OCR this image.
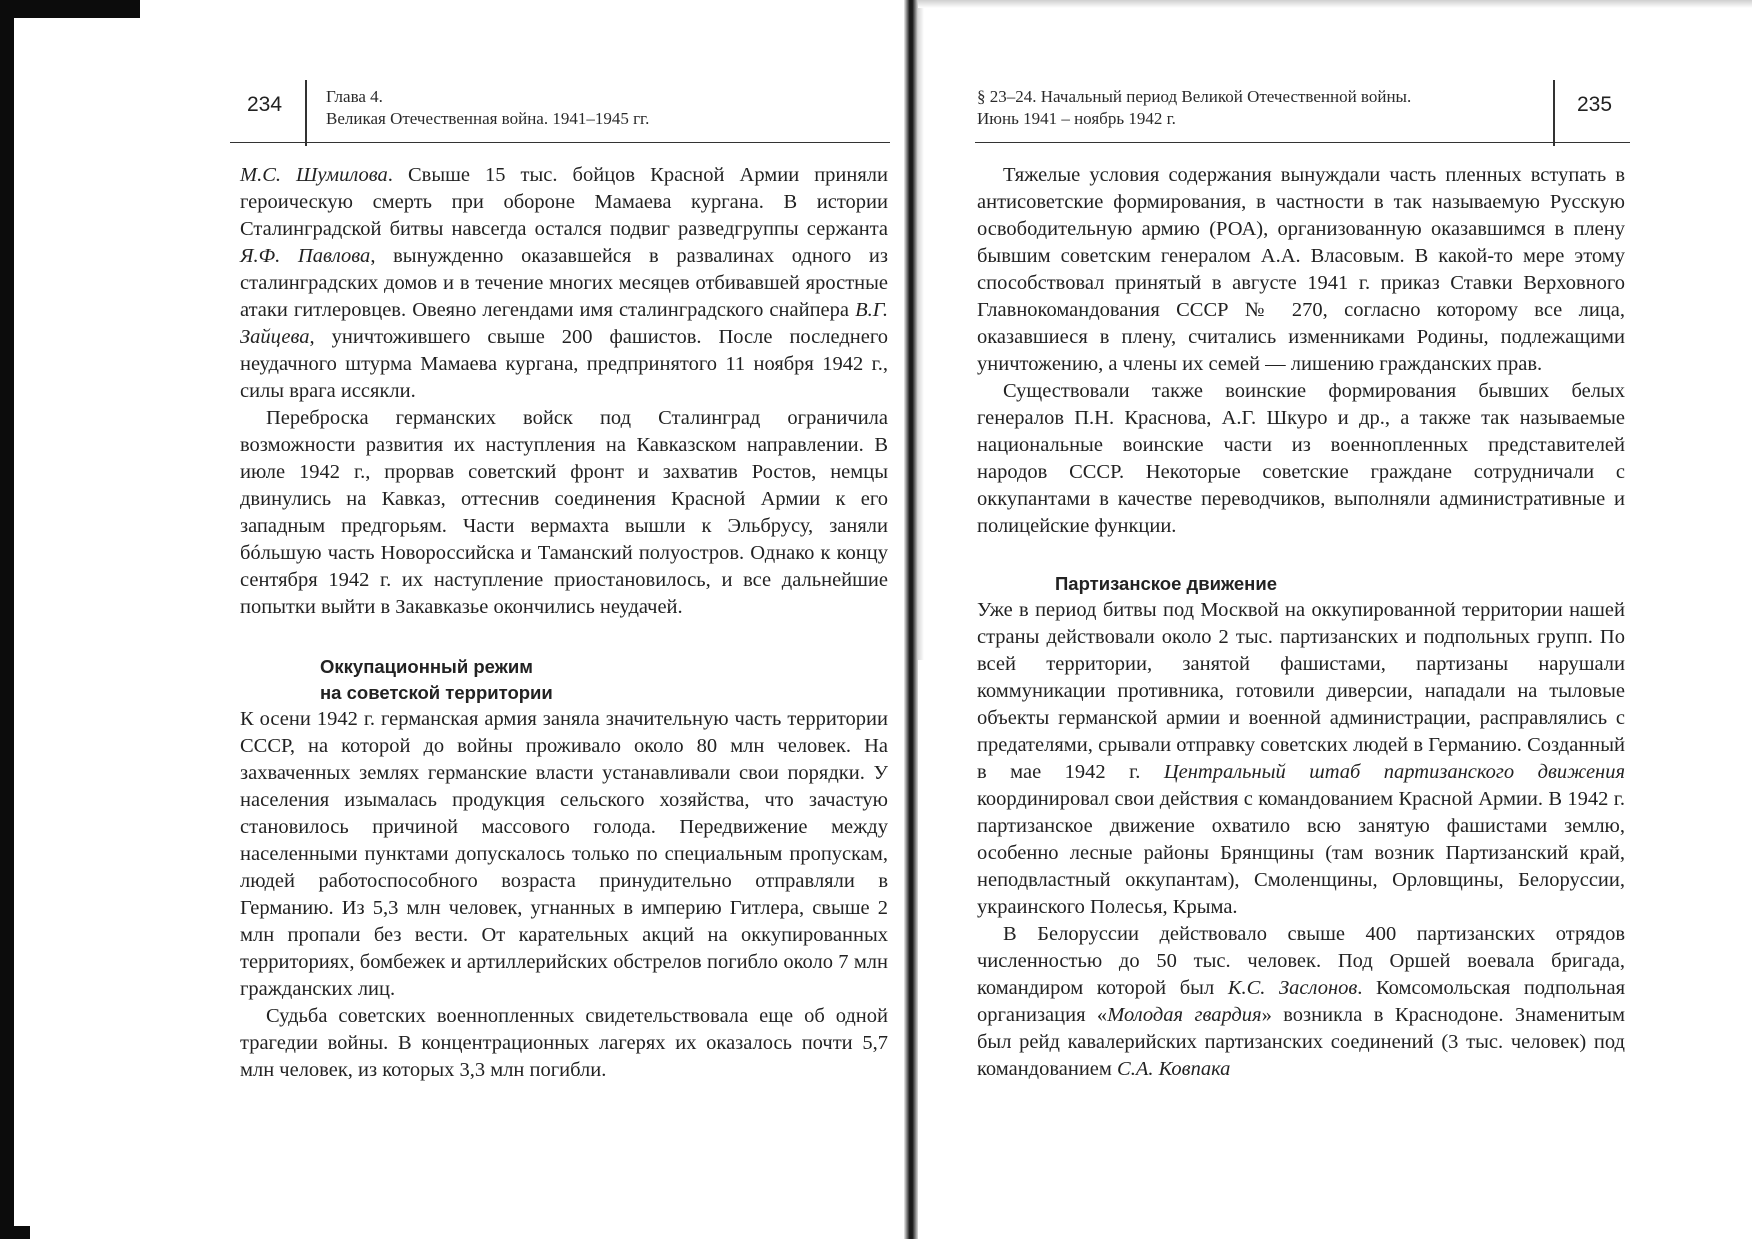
234	Глава 4.
Великая Отечественная война. 1941–1945 гг.

М.С. Шумилова. Свыше 15 тыс. бойцов Красной Армии приняли героическую смерть при обороне Мамаева кургана. В истории Сталинградской битвы навсегда остался подвиг разведгруппы сержанта Я.Ф. Павлова, вынужденно оказавшейся в развалинах одного из сталинградских домов и в течение многих месяцев отбивавшей яростные атаки гитлеровцев. Овеяно легендами имя сталинградского снайпера В.Г. Зайцева, уничтожившего свыше 200 фашистов. После последнего неудачного штурма Мамаева кургана, предпринятого 11 ноября 1942 г., силы врага иссякли.

Переброска германских войск под Сталинград ограничила возможности развития их наступления на Кавказском направлении. В июле 1942 г., прорвав советский фронт и захватив Ростов, немцы двинулись на Кавказ, оттеснив соединения Красной Армии к его западным предгорьям. Части вермахта вышли к Эльбрусу, заняли бóльшую часть Новороссийска и Таманский полуостров. Однако к концу сентября 1942 г. их наступление приостановилось, и все дальнейшие попытки выйти в Закавказье окончились неудачей.

Оккупационный режим
на советской территории

К осени 1942 г. германская армия заняла значительную часть территории СССР, на которой до войны проживало около 80 млн человек. На захваченных землях германские власти устанавливали свои порядки. У населения изымалась продукция сельского хозяйства, что зачастую становилось причиной массового голода. Передвижение между населенными пунктами допускалось только по специальным пропускам, людей работоспособного возраста принудительно отправляли в Германию. Из 5,3 млн человек, угнанных в империю Гитлера, свыше 2 млн пропали без вести. От карательных акций на оккупированных территориях, бомбежек и артиллерийских обстрелов погибло около 7 млн гражданских лиц.

Судьба советских военнопленных свидетельствовала еще об одной трагедии войны. В концентрационных лагерях их оказалось почти 5,7 млн человек, из которых 3,3 млн погибли.

§ 23–24. Начальный период Великой Отечественной войны.
Июнь 1941 – ноябрь 1942 г.
235

Тяжелые условия содержания вынуждали часть пленных вступать в антисоветские формирования, в частности в так называемую Русскую освободительную армию (РОА), организованную оказавшимся в плену бывшим советским генералом А.А. Власовым. В какой-то мере этому способствовал принятый в августе 1941 г. приказ Ставки Верховного Главнокомандования СССР № 270, согласно которому все лица, оказавшиеся в плену, считались изменниками Родины, подлежащими уничтожению, а члены их семей — лишению гражданских прав.

Существовали также воинские формирования бывших белых генералов П.Н. Краснова, А.Г. Шкуро и др., а также так называемые национальные воинские части из военнопленных представителей народов СССР. Некоторые советские граждане сотрудничали с оккупантами в качестве переводчиков, выполняли административные и полицейские функции.

Партизанское движение

Уже в период битвы под Москвой на оккупированной территории нашей страны действовали около 2 тыс. партизанских и подпольных групп. По всей территории, занятой фашистами, партизаны нарушали коммуникации противника, готовили диверсии, нападали на тыловые объекты германской армии и военной администрации, расправлялись с предателями, срывали отправку советских людей в Германию. Созданный в мае 1942 г. Центральный штаб партизанского движения координировал свои действия с командованием Красной Армии. В 1942 г. партизанское движение охватило всю занятую фашистами землю, особенно лесные районы Брянщины (там возник Партизанский край, неподвластный оккупантам), Смоленщины, Орловщины, Белоруссии, украинского Полесья, Крыма.

В Белоруссии действовало свыше 400 партизанских отрядов численностью до 50 тыс. человек. Под Оршей воевала бригада, командиром которой был К.С. Заслонов. Комсомольская подпольная организация «Молодая гвардия» возникла в Краснодоне. Знаменитым был рейд кавалерийских партизанских соединений (3 тыс. человек) под командованием С.А. Ковпака
